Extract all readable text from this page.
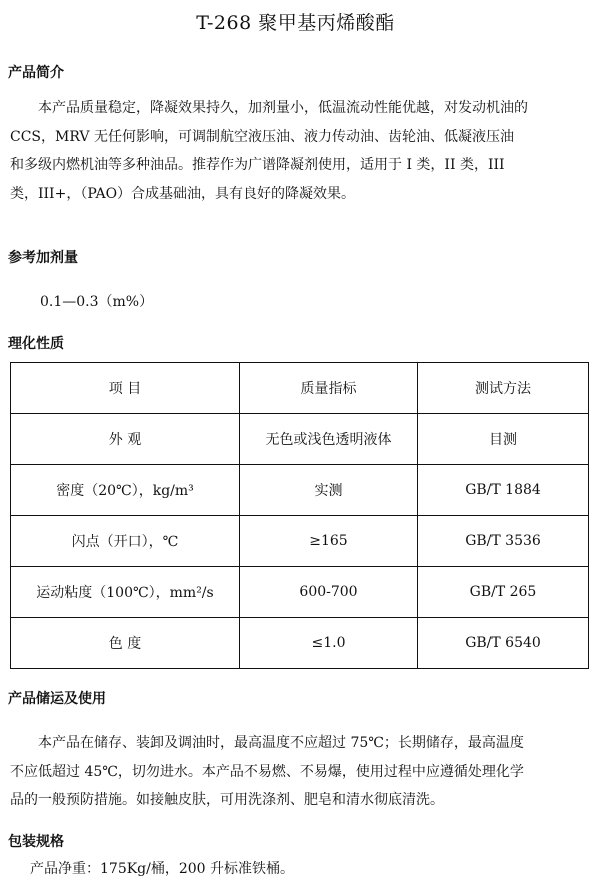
T-268 聚甲基丙烯酸酯
产品简介
本产品质量稳定，降凝效果持久，加剂量小，低温流动性能优越，对发动机油的
CCS，MRV 无任何影响，可调制航空液压油、液力传动油、齿轮油、低凝液压油
和多级内燃机油等多种油品。推荐作为广谱降凝剂使用，适用于 I 类，II 类，III
类，III+，（PAO）合成基础油，具有良好的降凝效果。
参考加剂量
0.1—0.3（m%）
理化性质
项 目	质量指标	测试方法
外 观	无色或浅色透明液体	目测
密度（20℃），kg/m³	实测	GB/T 1884
闪点（开口），℃	≥165	GB/T 3536
运动粘度（100℃），mm²/s	600-700	GB/T 265
色 度	≤1.0	GB/T 6540
产品储运及使用
本产品在储存、装卸及调油时，最高温度不应超过 75℃；长期储存，最高温度
不应低超过 45℃，切勿进水。本产品不易燃、不易爆，使用过程中应遵循处理化学
品的一般预防措施。如接触皮肤，可用洗涤剂、肥皂和清水彻底清洗。
包装规格
产品净重：175Kg/桶，200 升标准铁桶。
